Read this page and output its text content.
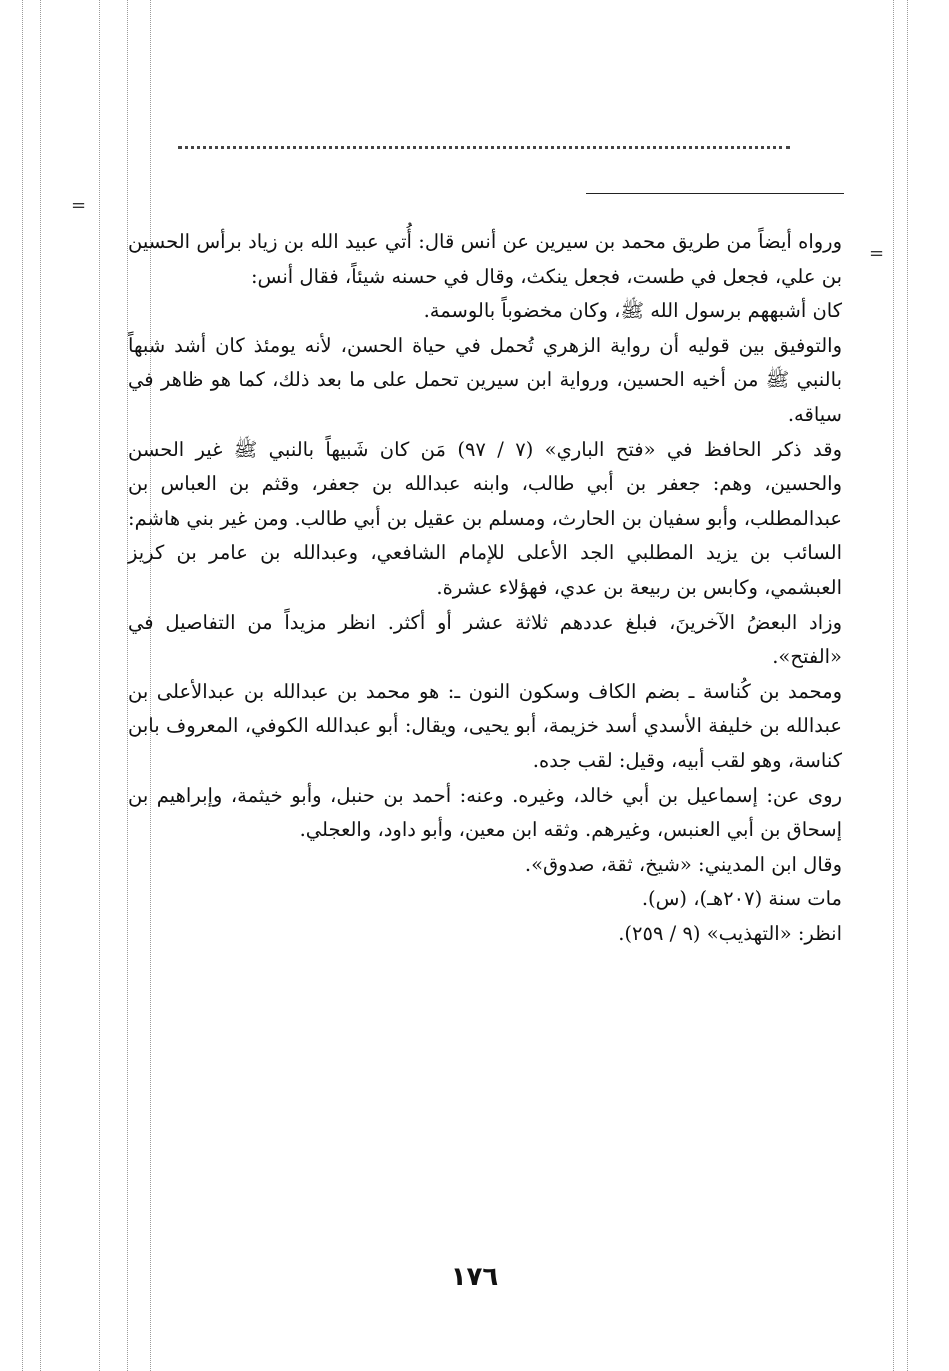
=
=

ورواه أيضاً من طريق محمد بن سيرين عن أنس قال: أُتي عبيد الله بن زياد برأس الحسين بن علي، فجعل في طست، فجعل ينكث، وقال في حسنه شيئاً، فقال أنس:

كان أشبههم برسول الله ﷺ، وكان مخضوباً بالوسمة.

والتوفيق بين قوليه أن رواية الزهري تُحمل في حياة الحسن، لأنه يومئذ كان أشد شبهاً بالنبي ﷺ من أخيه الحسين، ورواية ابن سيرين تحمل على ما بعد ذلك، كما هو ظاهر في سياقه.

وقد ذكر الحافظ في «فتح الباري» (٧ / ٩٧) مَن كان شَبيهاً بالنبي ﷺ غير الحسن والحسين، وهم: جعفر بن أبي طالب، وابنه عبدالله بن جعفر، وقثم بن العباس بن عبدالمطلب، وأبو سفيان بن الحارث، ومسلم بن عقيل بن أبي طالب. ومن غير بني هاشم: السائب بن يزيد المطلبي الجد الأعلى للإمام الشافعي، وعبدالله بن عامر بن كريز العبشمي، وكابس بن ربيعة بن عدي، فهؤلاء عشرة.

وزاد البعضُ الآخرينَ، فبلغ عددهم ثلاثة عشر أو أكثر. انظر مزيداً من التفاصيل في «الفتح».

ومحمد بن كُناسة ـ بضم الكاف وسكون النون ـ: هو محمد بن عبدالله بن عبدالأعلى بن عبدالله بن خليفة الأسدي أسد خزيمة، أبو يحيى، ويقال: أبو عبدالله الكوفي، المعروف بابن كناسة، وهو لقب أبيه، وقيل: لقب جده.

روى عن: إسماعيل بن أبي خالد، وغيره. وعنه: أحمد بن حنبل، وأبو خيثمة، وإبراهيم بن إسحاق بن أبي العنبس، وغيرهم. وثقه ابن معين، وأبو داود، والعجلي.

وقال ابن المديني: «شيخ، ثقة، صدوق».

مات سنة (٢٠٧هـ)، (س).

انظر: «التهذيب» (٩ / ٢٥٩).

١٧٦
